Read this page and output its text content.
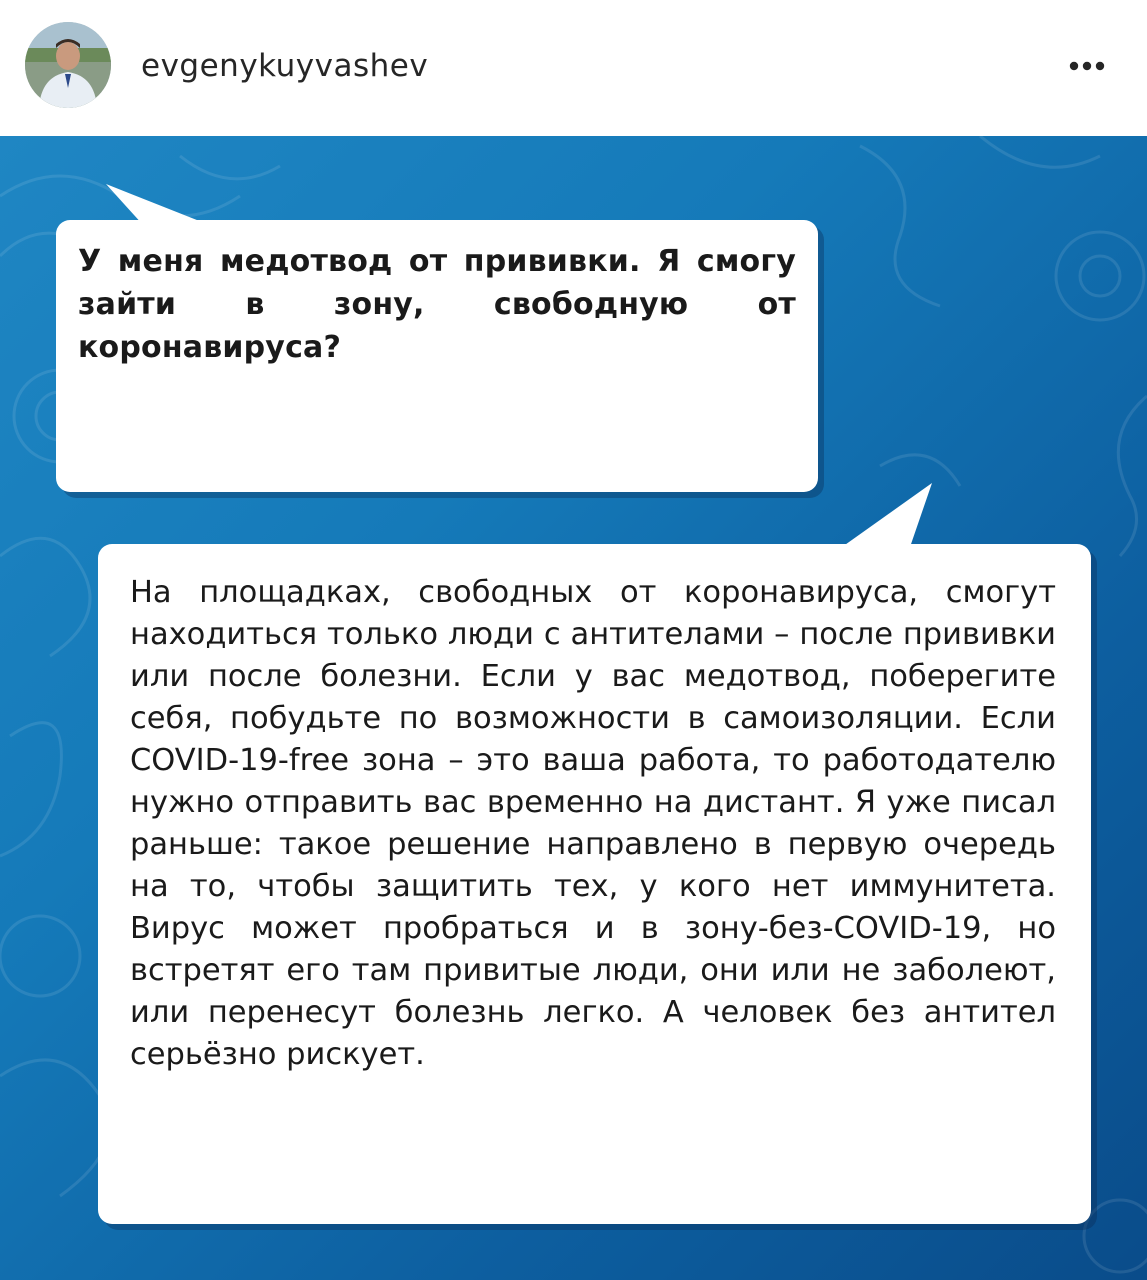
evgenykuyvashev
У меня медотвод от прививки. Я смогу зайти в зону, свободную от коронавируса?
На площадках, свободных от коронавируса, смогут находиться только люди с антителами – после прививки или после болезни. Если у вас медотвод, поберегите себя, побудьте по возможности в самоизоляции. Если COVID-19-free зона – это ваша работа, то работодателю нужно отправить вас временно на дистант. Я уже писал раньше: такое решение направлено в первую очередь на то, чтобы защитить тех, у кого нет иммунитета. Вирус может пробраться и в зону-без-COVID-19, но встретят его там привитые люди, они или не заболеют, или перенесут болезнь легко. А человек без антител серьёзно рискует.
